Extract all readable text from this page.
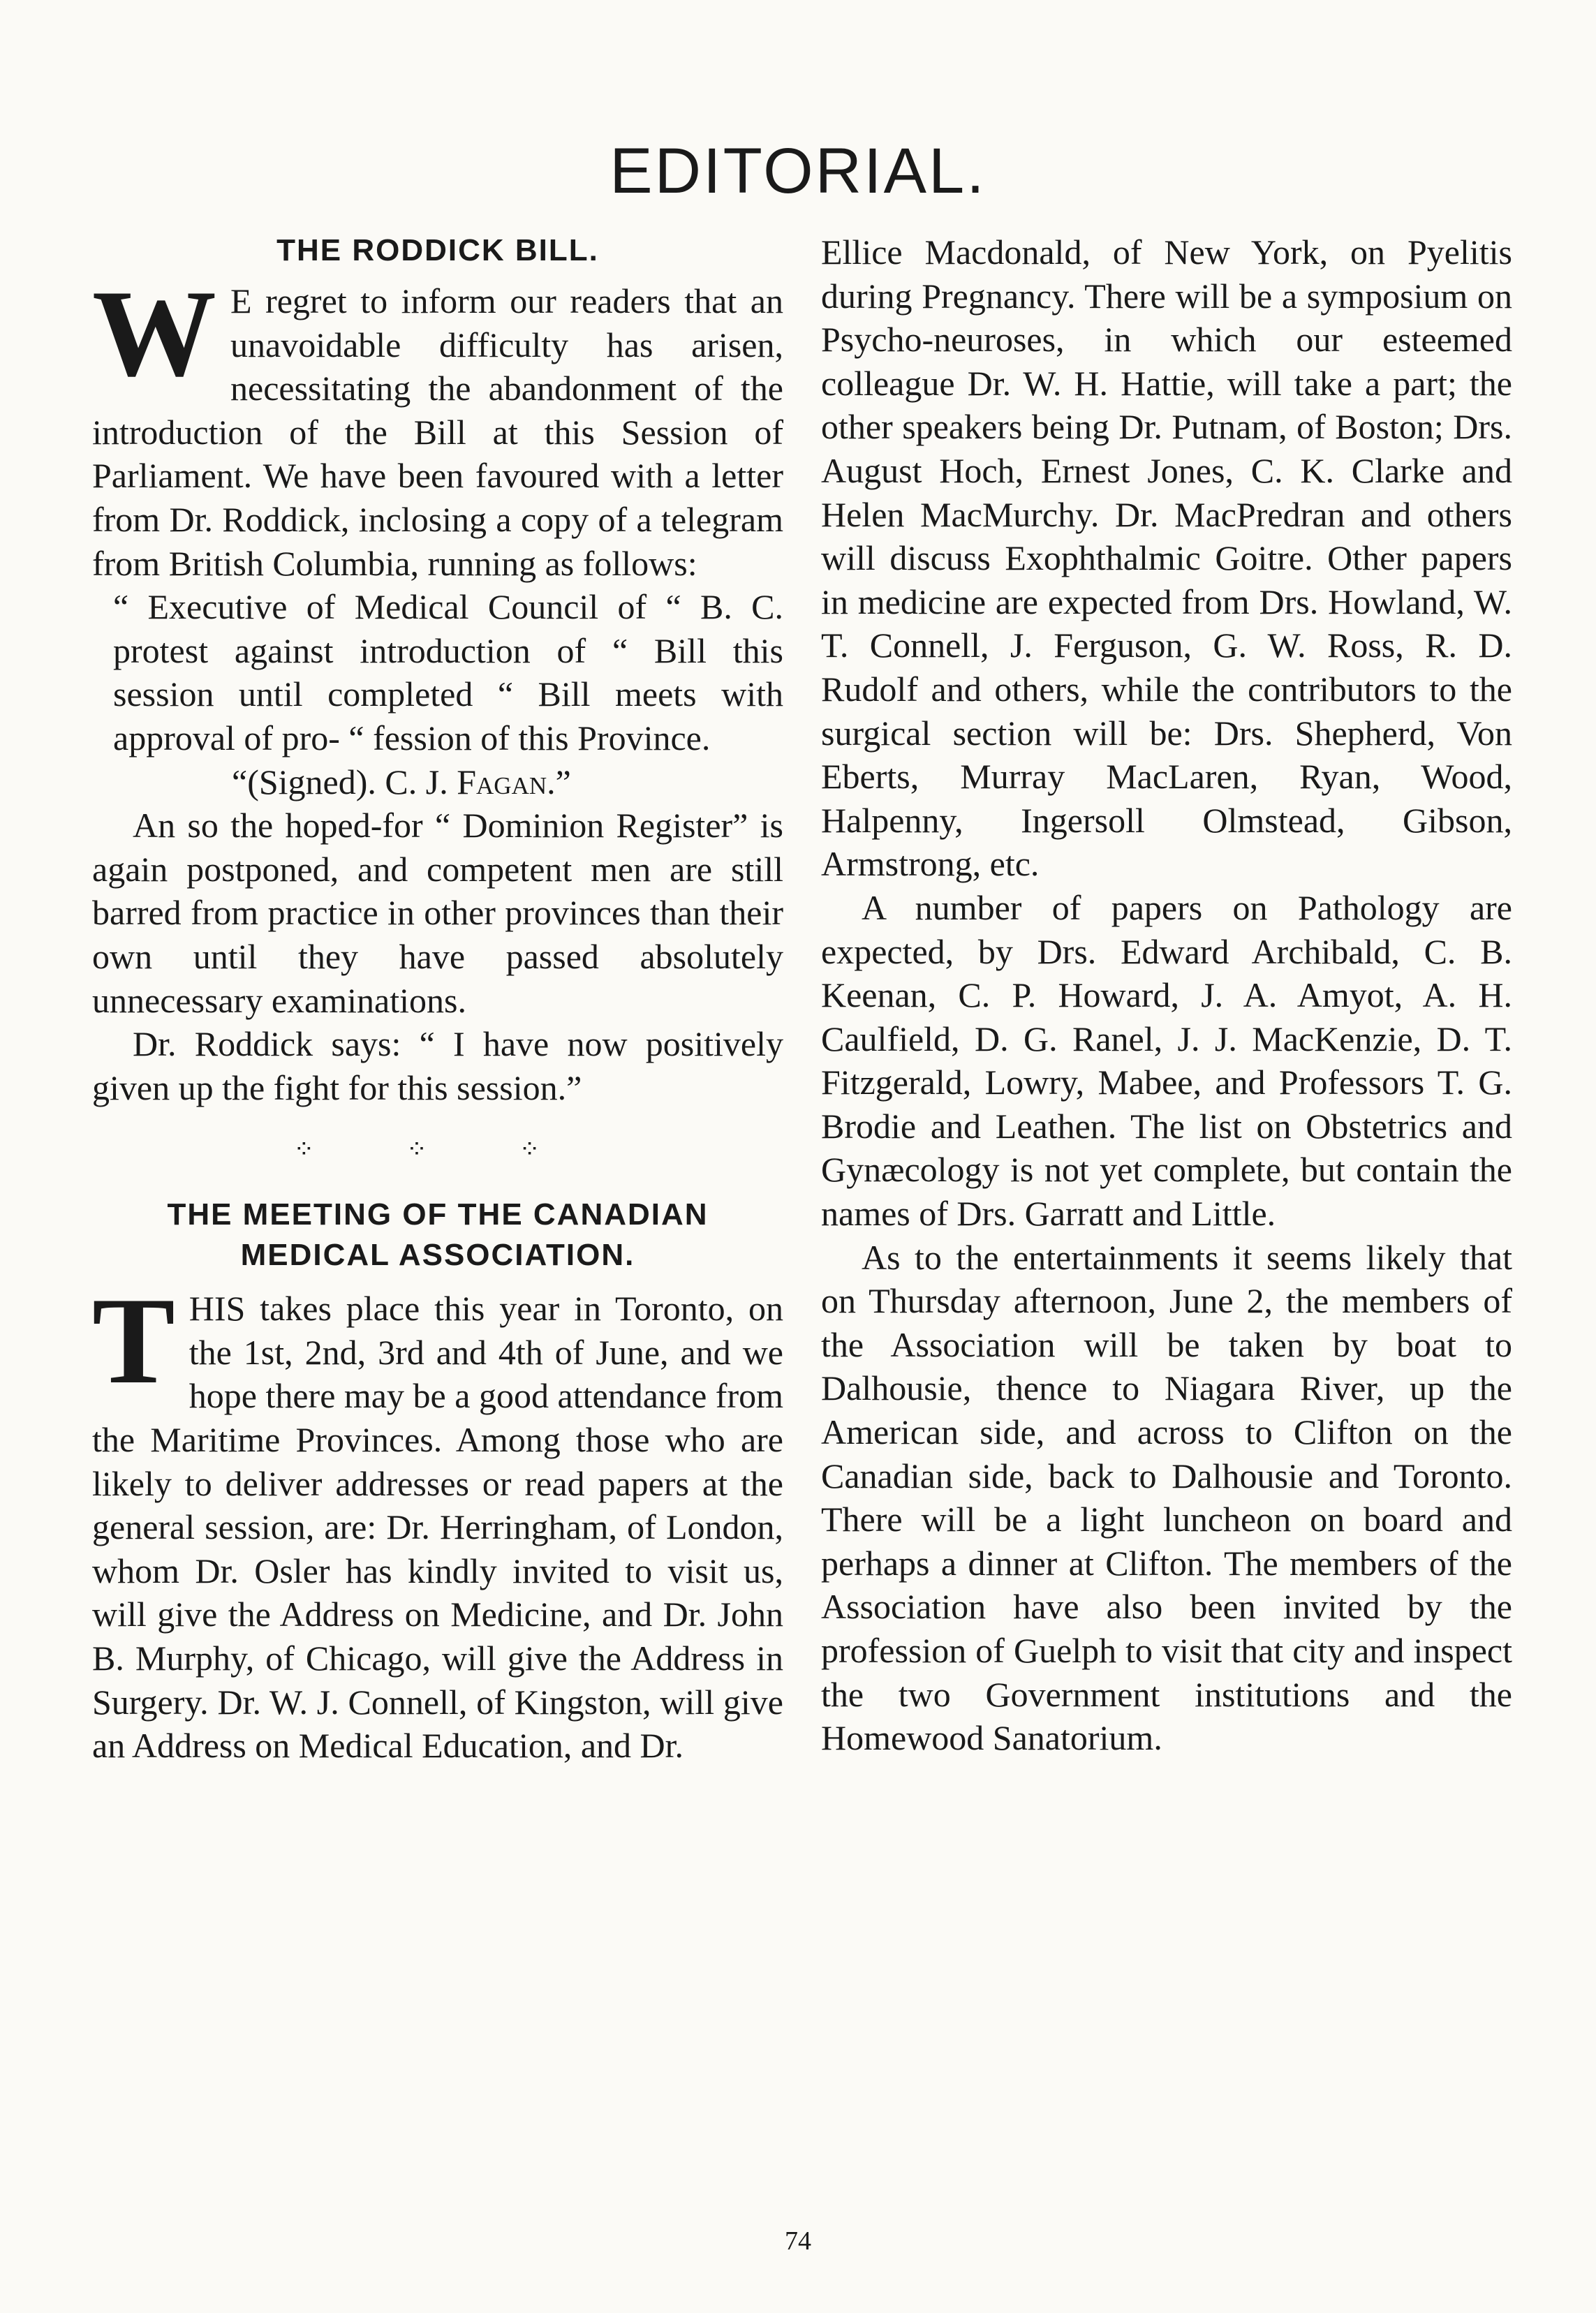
EDITORIAL.
THE RODDICK BILL.

W E regret to inform our readers that an unavoidable difficulty has arisen, necessitating the abandonment of the introduction of the Bill at this Session of Parliament. We have been favoured with a letter from Dr. Roddick, inclosing a copy of a telegram from British Columbia, running as follows:

“ Executive of Medical Council of “ B. C. protest against introduction of “ Bill this session until completed “ Bill meets with approval of pro- “ fession of this Province.
“(Signed). C. J. Fagan.”

An so the hoped-for “ Dominion Register” is again postponed, and competent men are still barred from practice in other provinces than their own until they have passed absolutely unnecessary examinations.

Dr. Roddick says: “ I have now positively given up the fight for this session.”

⁘ ⁘ ⁘
THE MEETING OF THE CANADIAN MEDICAL ASSOCIATION.

THIS takes place this year in Toronto, on the 1st, 2nd, 3rd and 4th of June, and we hope there may be a good attendance from the Maritime Provinces. Among those who are likely to deliver addresses or read papers at the general session, are: Dr. Herringham, of London, whom Dr. Osler has kindly invited to visit us, will give the Address on Medicine, and Dr. John B. Murphy, of Chicago, will give the Address in Surgery. Dr. W. J. Connell, of Kingston, will give an Address on Medical Education, and Dr.

Ellice Macdonald, of New York, on Pyelitis during Pregnancy. There will be a symposium on Psycho-neuroses, in which our esteemed colleague Dr. W. H. Hattie, will take a part; the other speakers being Dr. Putnam, of Boston; Drs. August Hoch, Ernest Jones, C. K. Clarke and Helen MacMurchy. Dr. MacPredran and others will discuss Exophthalmic Goitre. Other papers in medicine are expected from Drs. Howland, W. T. Connell, J. Ferguson, G. W. Ross, R. D. Rudolf and others, while the contributors to the surgical section will be: Drs. Shepherd, Von Eberts, Murray MacLaren, Ryan, Wood, Halpenny, Ingersoll Olmstead, Gibson, Armstrong, etc.

A number of papers on Pathology are expected, by Drs. Edward Archibald, C. B. Keenan, C. P. Howard, J. A. Amyot, A. H. Caulfield, D. G. Ranel, J. J. MacKenzie, D. T. Fitzgerald, Lowry, Mabee, and Professors T. G. Brodie and Leathen. The list on Obstetrics and Gynæcology is not yet complete, but contain the names of Drs. Garratt and Little.

As to the entertainments it seems likely that on Thursday afternoon, June 2, the members of the Association will be taken by boat to Dalhousie, thence to Niagara River, up the American side, and across to Clifton on the Canadian side, back to Dalhousie and Toronto. There will be a light luncheon on board and perhaps a dinner at Clifton. The members of the Association have also been invited by the profession of Guelph to visit that city and inspect the two Government institutions and the Homewood Sanatorium.

74
